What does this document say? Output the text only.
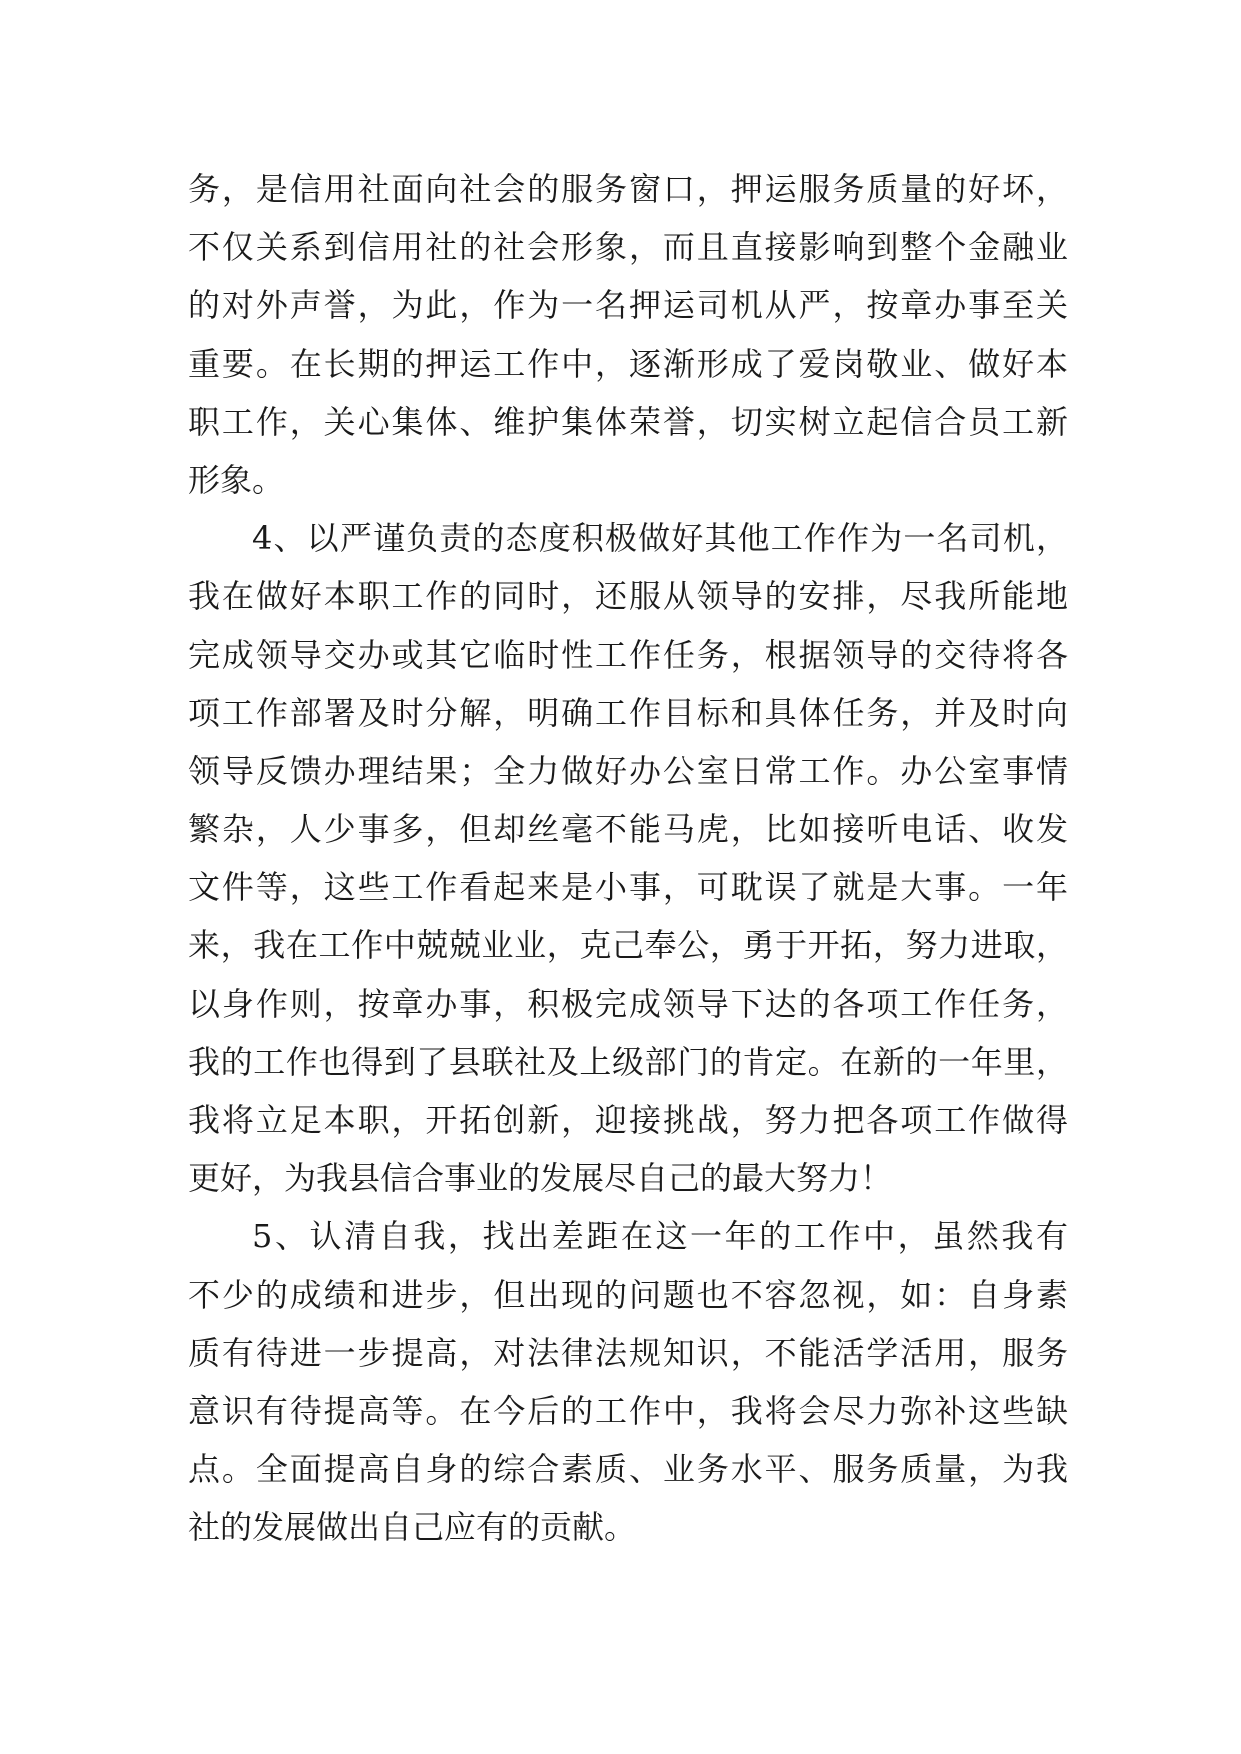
务，是信用社面向社会的服务窗口，押运服务质量的好坏，
不仅关系到信用社的社会形象，而且直接影响到整个金融业
的对外声誉，为此，作为一名押运司机从严，按章办事至关
重要。在长期的押运工作中，逐渐形成了爱岗敬业、做好本
职工作，关心集体、维护集体荣誉，切实树立起信合员工新
形象。
4、以严谨负责的态度积极做好其他工作作为一名司机，
我在做好本职工作的同时，还服从领导的安排，尽我所能地
完成领导交办或其它临时性工作任务，根据领导的交待将各
项工作部署及时分解，明确工作目标和具体任务，并及时向
领导反馈办理结果；全力做好办公室日常工作。办公室事情
繁杂，人少事多，但却丝毫不能马虎，比如接听电话、收发
文件等，这些工作看起来是小事，可耽误了就是大事。一年
来，我在工作中兢兢业业，克己奉公，勇于开拓，努力进取，
以身作则，按章办事，积极完成领导下达的各项工作任务，
我的工作也得到了县联社及上级部门的肯定。在新的一年里，
我将立足本职，开拓创新，迎接挑战，努力把各项工作做得
更好，为我县信合事业的发展尽自己的最大努力！
5、认清自我，找出差距在这一年的工作中，虽然我有
不少的成绩和进步，但出现的问题也不容忽视，如：自身素
质有待进一步提高，对法律法规知识，不能活学活用，服务
意识有待提高等。在今后的工作中，我将会尽力弥补这些缺
点。全面提高自身的综合素质、业务水平、服务质量，为我
社的发展做出自己应有的贡献。
